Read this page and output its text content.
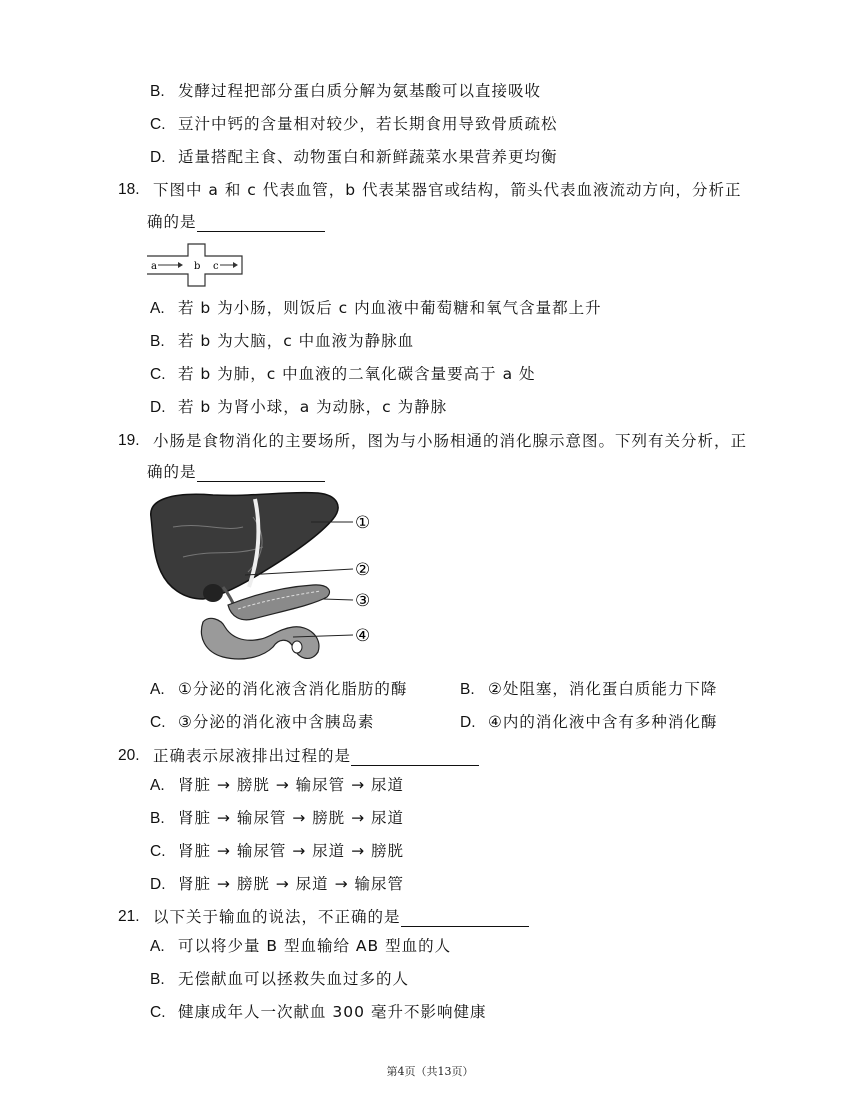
B. 发酵过程把部分蛋白质分解为氨基酸可以直接吸收
C. 豆汁中钙的含量相对较少，若长期食用导致骨质疏松
D. 适量搭配主食、动物蛋白和新鲜蔬菜水果营养更均衡
18. 下图中 a 和 c 代表血管，b 代表某器官或结构，箭头代表血液流动方向，分析正
确的是
a	b c
A. 若 b 为小肠，则饭后 c 内血液中葡萄糖和氧气含量都上升
B. 若 b 为大脑，c 中血液为静脉血
C. 若 b 为肺，c 中血液的二氧化碳含量要高于 a 处
D. 若 b 为肾小球，a 为动脉，c 为静脉
19. 小肠是食物消化的主要场所，图为与小肠相通的消化腺示意图。下列有关分析，正
确的是
①
②
③
④
A. ①分泌的消化液含消化脂肪的酶	B. ②处阻塞，消化蛋白质能力下降
C. ③分泌的消化液中含胰岛素	D. ④内的消化液中含有多种消化酶
20. 正确表示尿液排出过程的是
A. 肾脏 → 膀胱 → 输尿管 → 尿道
B. 肾脏 → 输尿管 → 膀胱 → 尿道
C. 肾脏 → 输尿管 → 尿道 → 膀胱
D. 肾脏 → 膀胱 → 尿道 → 输尿管
21. 以下关于输血的说法，不正确的是
A. 可以将少量 B 型血输给 AB 型血的人
B. 无偿献血可以拯救失血过多的人
C. 健康成年人一次献血 300 毫升不影响健康
第4页（共13页）
